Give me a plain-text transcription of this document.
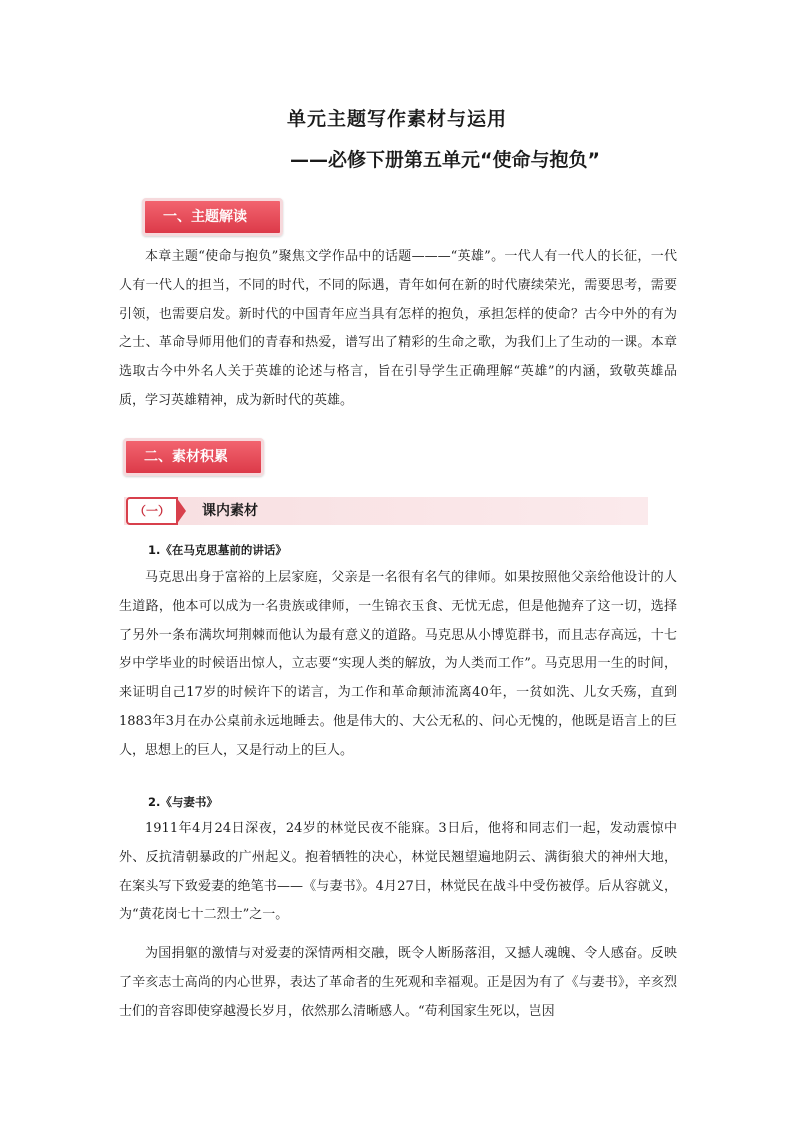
单元主题写作素材与运用
——必修下册第五单元“使命与抱负”
一、主题解读

本章主题“使命与抱负”聚焦文学作品中的话题———“英雄”。一代人有一代人的长征，一代人有一代人的担当，不同的时代，不同的际遇，青年如何在新的时代赓续荣光，需要思考，需要引领，也需要启发。新时代的中国青年应当具有怎样的抱负，承担怎样的使命？古今中外的有为之士、革命导师用他们的青春和热爱，谱写出了精彩的生命之歌，为我们上了生动的一课。本章选取古今中外名人关于英雄的论述与格言，旨在引导学生正确理解“英雄”的内涵，致敬英雄品质，学习英雄精神，成为新时代的英雄。

二、素材积累
（一）	课内素材

1.《在马克思墓前的讲话》

马克思出身于富裕的上层家庭，父亲是一名很有名气的律师。如果按照他父亲给他设计的人生道路，他本可以成为一名贵族或律师，一生锦衣玉食、无忧无虑，但是他抛弃了这一切，选择了另外一条布满坎坷荆棘而他认为最有意义的道路。马克思从小博览群书，而且志存高远，十七岁中学毕业的时候语出惊人，立志要“实现人类的解放，为人类而工作”。马克思用一生的时间，来证明自己17岁的时候许下的诺言，为工作和革命颠沛流离40年，一贫如洗、儿女夭殇，直到1883年3月在办公桌前永远地睡去。他是伟大的、大公无私的、问心无愧的，他既是语言上的巨人，思想上的巨人，又是行动上的巨人。

2.《与妻书》

1911年4月24日深夜，24岁的林觉民夜不能寐。3日后，他将和同志们一起，发动震惊中外、反抗清朝暴政的广州起义。抱着牺牲的决心，林觉民翘望遍地阴云、满街狼犬的神州大地，在案头写下致爱妻的绝笔书——《与妻书》。4月27日，林觉民在战斗中受伤被俘。后从容就义，为“黄花岗七十二烈士”之一。

为国捐躯的激情与对爱妻的深情两相交融，既令人断肠落泪，又撼人魂魄、令人感奋。反映了辛亥志士高尚的内心世界，表达了革命者的生死观和幸福观。正是因为有了《与妻书》，辛亥烈士们的音容即使穿越漫长岁月，依然那么清晰感人。“苟利国家生死以，岂因
